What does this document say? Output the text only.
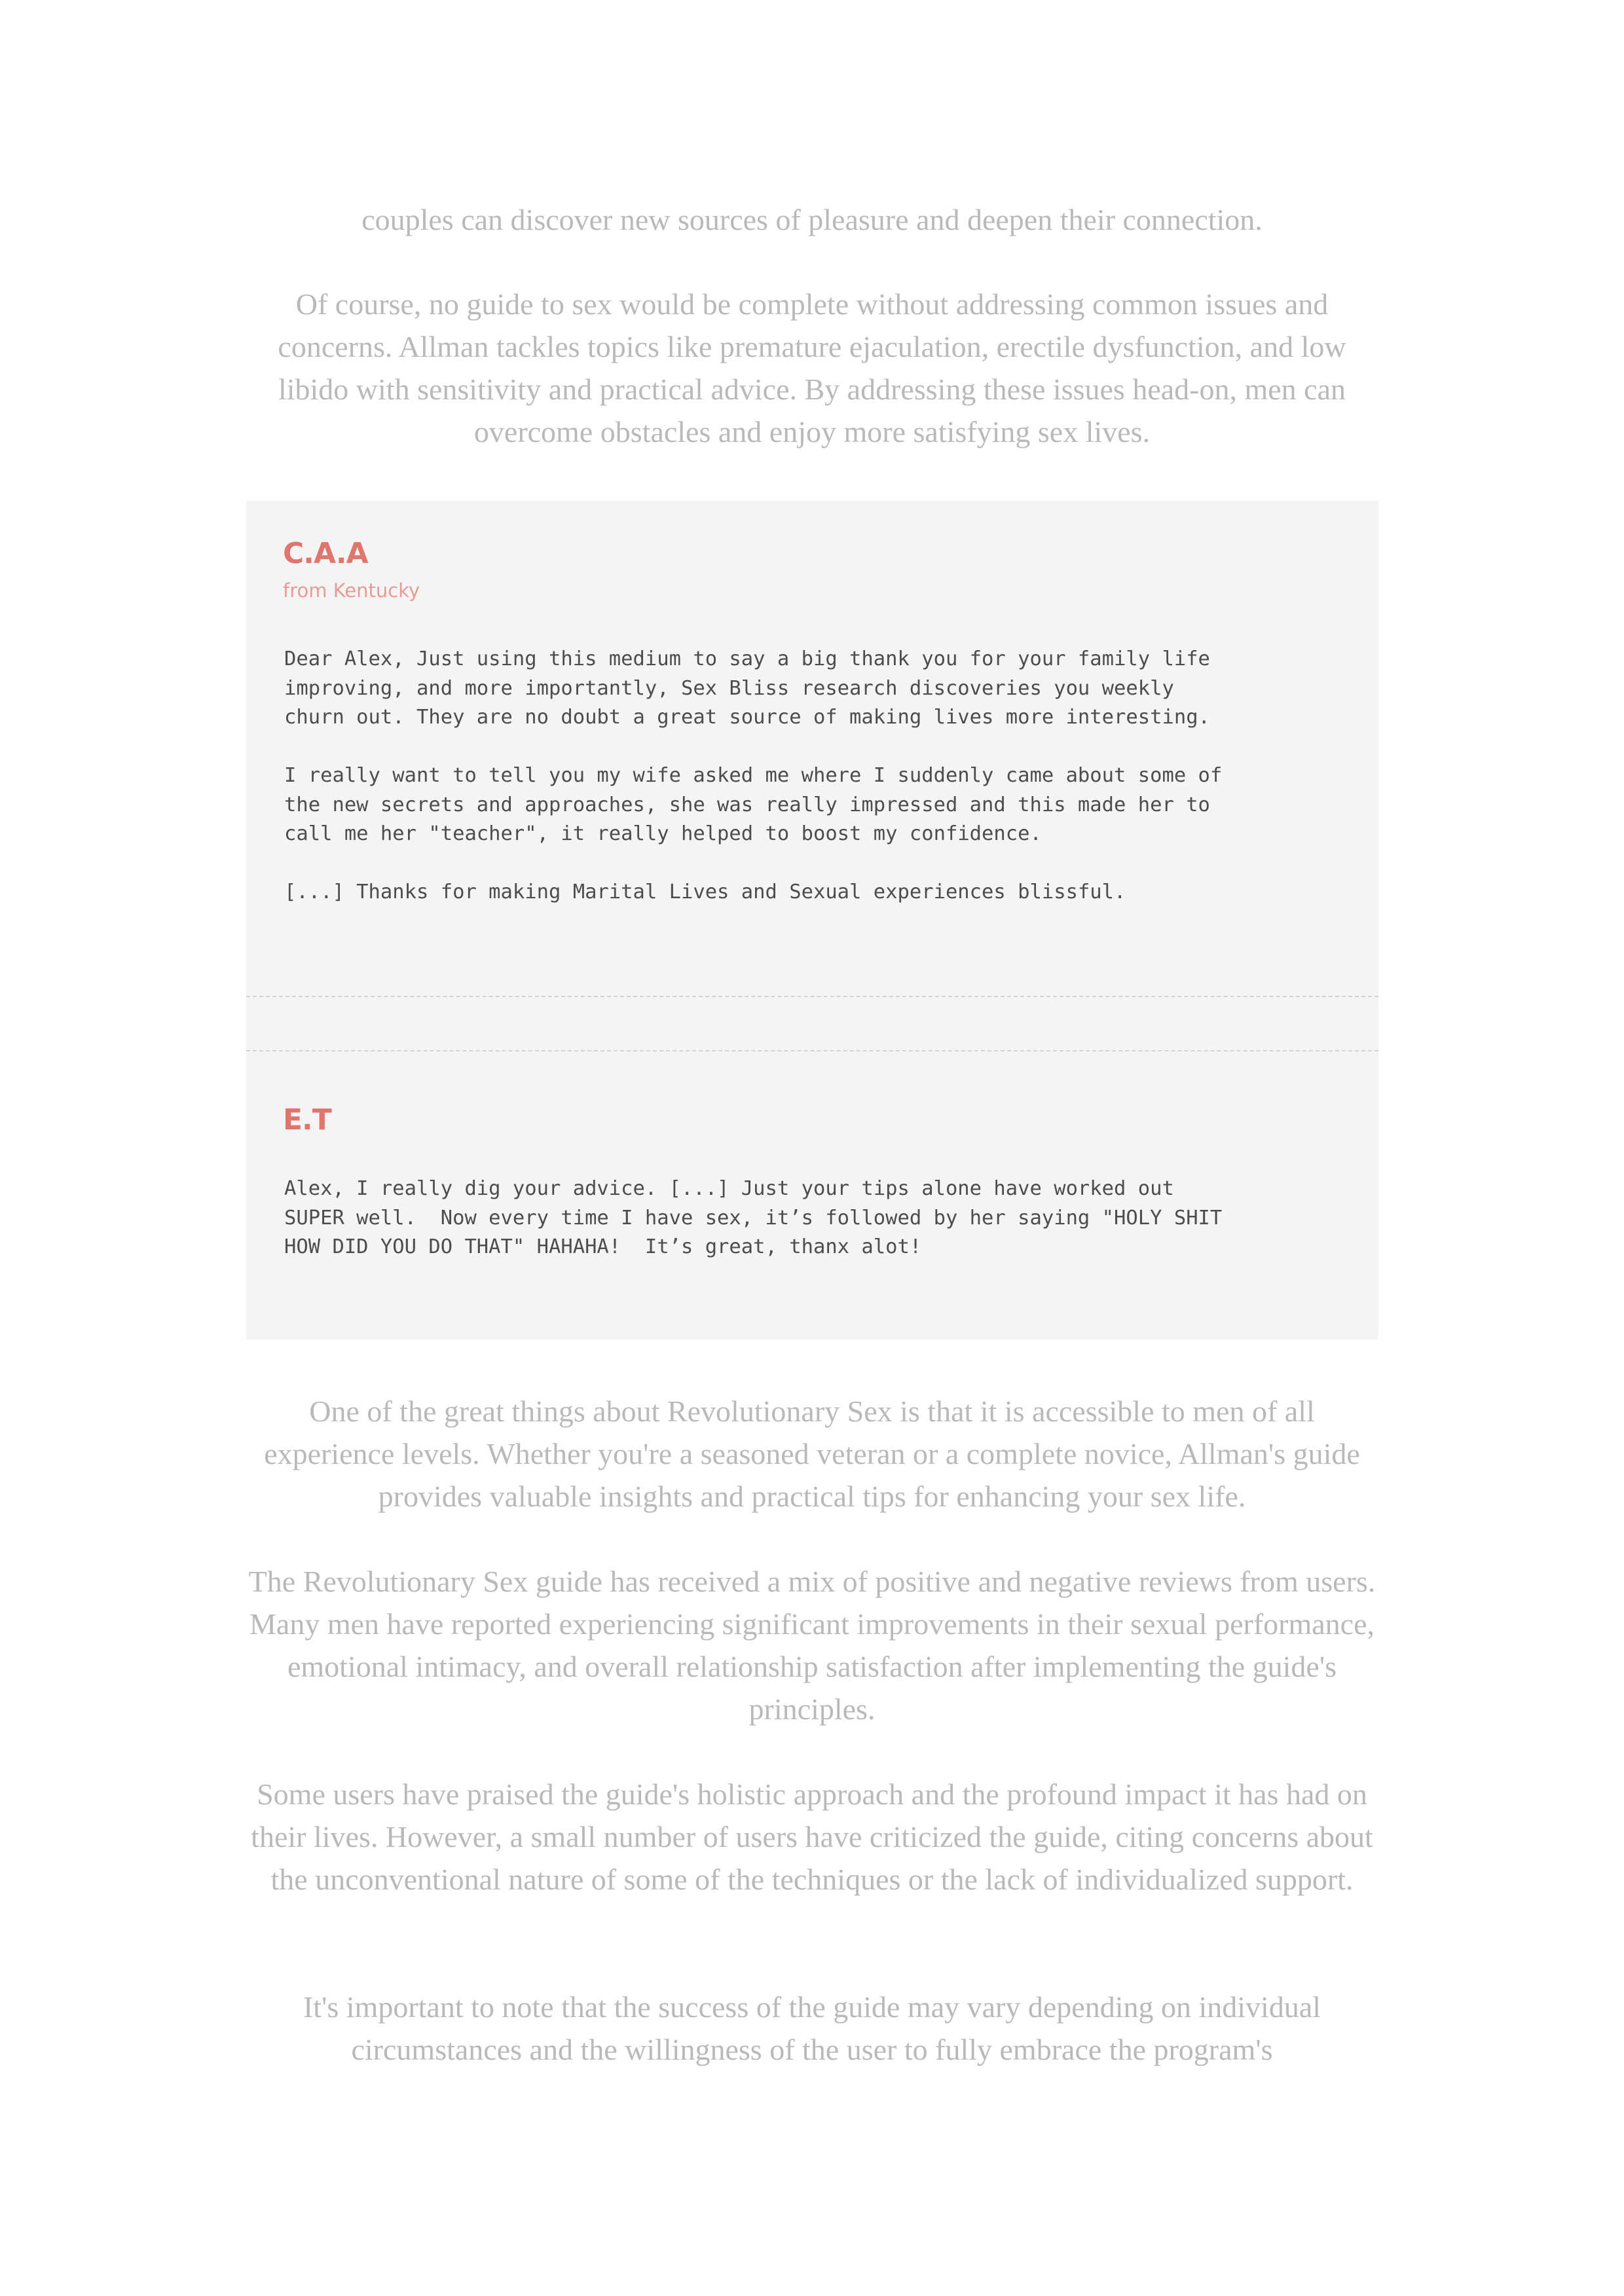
couples can discover new sources of pleasure and deepen their connection.

Of course, no guide to sex would be complete without addressing common issues and concerns. Allman tackles topics like premature ejaculation, erectile dysfunction, and low libido with sensitivity and practical advice. By addressing these issues head-on, men can overcome obstacles and enjoy more satisfying sex lives.

C.A.A

from Kentucky

Dear Alex, Just using this medium to say a big thank you for your family life
improving, and more importantly, Sex Bliss research discoveries you weekly
churn out. They are no doubt a great source of making lives more interesting.

I really want to tell you my wife asked me where I suddenly came about some of
the new secrets and approaches, she was really impressed and this made her to
call me her "teacher", it really helped to boost my confidence.

[...] Thanks for making Marital Lives and Sexual experiences blissful.

E.T

Alex, I really dig your advice. [...] Just your tips alone have worked out
SUPER well.  Now every time I have sex, it’s followed by her saying "HOLY SHIT
HOW DID YOU DO THAT" HAHAHA!  It’s great, thanx alot!

One of the great things about Revolutionary Sex is that it is accessible to men of all experience levels. Whether you're a seasoned veteran or a complete novice, Allman's guide provides valuable insights and practical tips for enhancing your sex life.

The Revolutionary Sex guide has received a mix of positive and negative reviews from users. Many men have reported experiencing significant improvements in their sexual performance, emotional intimacy, and overall relationship satisfaction after implementing the guide's principles.

Some users have praised the guide's holistic approach and the profound impact it has had on their lives. However, a small number of users have criticized the guide, citing concerns about the unconventional nature of some of the techniques or the lack of individualized support.

It's important to note that the success of the guide may vary depending on individual circumstances and the willingness of the user to fully embrace the program's
